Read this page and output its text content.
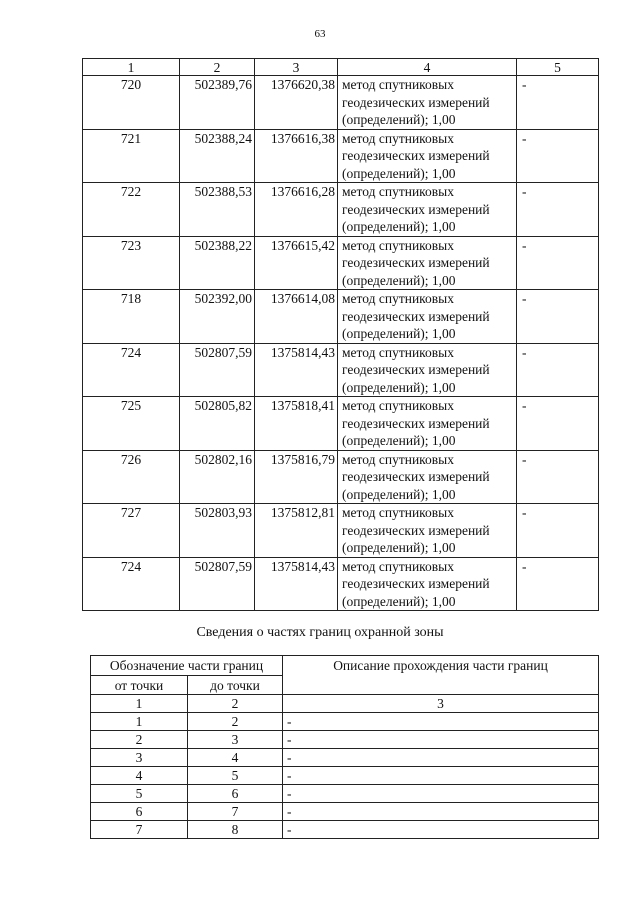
63
1	2	3	4	5
720	502389,76	1376620,38	метод спутниковых
геодезических измерений
(определений); 1,00	-
721	502388,24	1376616,38	метод спутниковых
геодезических измерений
(определений); 1,00	-
722	502388,53	1376616,28	метод спутниковых
геодезических измерений
(определений); 1,00	-
723	502388,22	1376615,42	метод спутниковых
геодезических измерений
(определений); 1,00	-
718	502392,00	1376614,08	метод спутниковых
геодезических измерений
(определений); 1,00	-
724	502807,59	1375814,43	метод спутниковых
геодезических измерений
(определений); 1,00	-
725	502805,82	1375818,41	метод спутниковых
геодезических измерений
(определений); 1,00	-
726	502802,16	1375816,79	метод спутниковых
геодезических измерений
(определений); 1,00	-
727	502803,93	1375812,81	метод спутниковых
геодезических измерений
(определений); 1,00	-
724	502807,59	1375814,43	метод спутниковых
геодезических измерений
(определений); 1,00	-
Сведения о частях границ охранной зоны
Обозначение части границ		Описание прохождения части границ
от точки	до точки	
1	2	3
1	2	-
2	3	-
3	4	-
4	5	-
5	6	-
6	7	-
7	8	-
